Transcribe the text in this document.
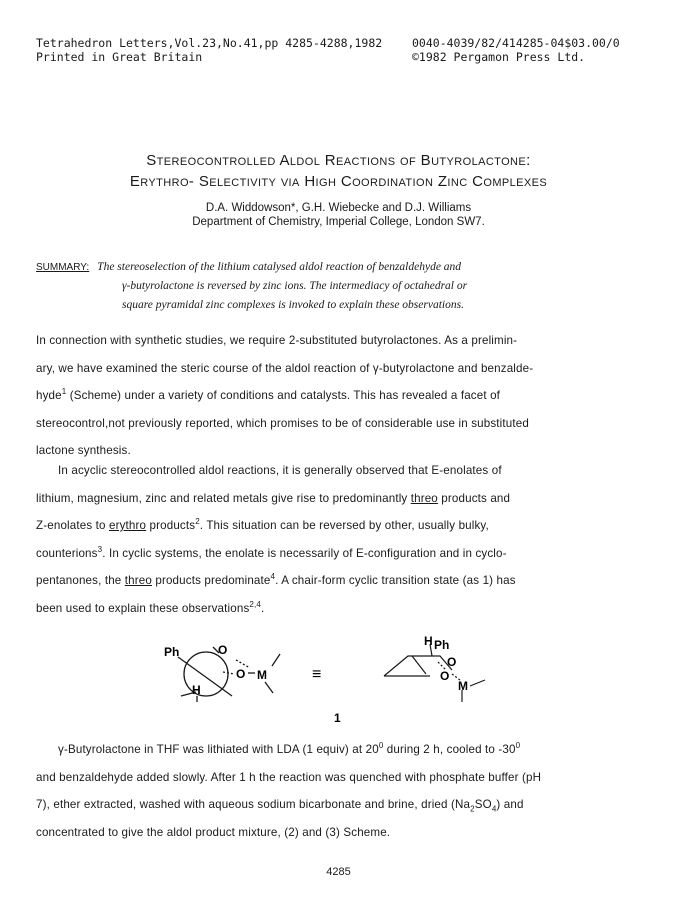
Tetrahedron Letters,Vol.23,No.41,pp 4285-4288,1982	0040-4039/82/414285-04$03.00/0
Printed in Great Britain	©1982 Pergamon Press Ltd.
Stereocontrolled Aldol Reactions of Butyrolactone:
Erythro- Selectivity via High Coordination Zinc Complexes
D.A. Widdowson*, G.H. Wiebecke and D.J. Williams
Department of Chemistry, Imperial College, London SW7.
SUMMARY: The stereoselection of the lithium catalysed aldol reaction of benzaldehyde and
γ-butyrolactone is reversed by zinc ions. The intermediacy of octahedral or
square pyramidal zinc complexes is invoked to explain these observations.
In connection with synthetic studies, we require 2-substituted butyrolactones. As a prelimin-
ary, we have examined the steric course of the aldol reaction of γ-butyrolactone and benzalde-
hyde$^1$ (Scheme) under a variety of conditions and catalysts. This has revealed a facet of
stereocontrol,not previously reported, which promises to be of considerable use in substituted
lactone synthesis.
In acyclic stereocontrolled aldol reactions, it is generally observed that E-enolates of
lithium, magnesium, zinc and related metals give rise to predominantly threo products and
Z-enolates to erythro products$^2$. This situation can be reversed by other, usually bulky,
counterions$^3$. In cyclic systems, the enolate is necessarily of E-configuration and in cyclo-
pentanones, the threo products predominate$^4$. A chair-form cyclic transition state (as 1) has
been used to explain these observations$^{2,4}$.
Ph	O
O M
H
≡
H Ph
O
O
M
1
γ-Butyrolactone in THF was lithiated with LDA (1 equiv) at $20^0$ during 2 h, cooled to $-30^0$
and benzaldehyde added slowly. After 1 h the reaction was quenched with phosphate buffer (pH
7), ether extracted, washed with aqueous sodium bicarbonate and brine, dried $(Na_2SO_4)$ and
concentrated to give the aldol product mixture, (2) and (3) Scheme.
4285
